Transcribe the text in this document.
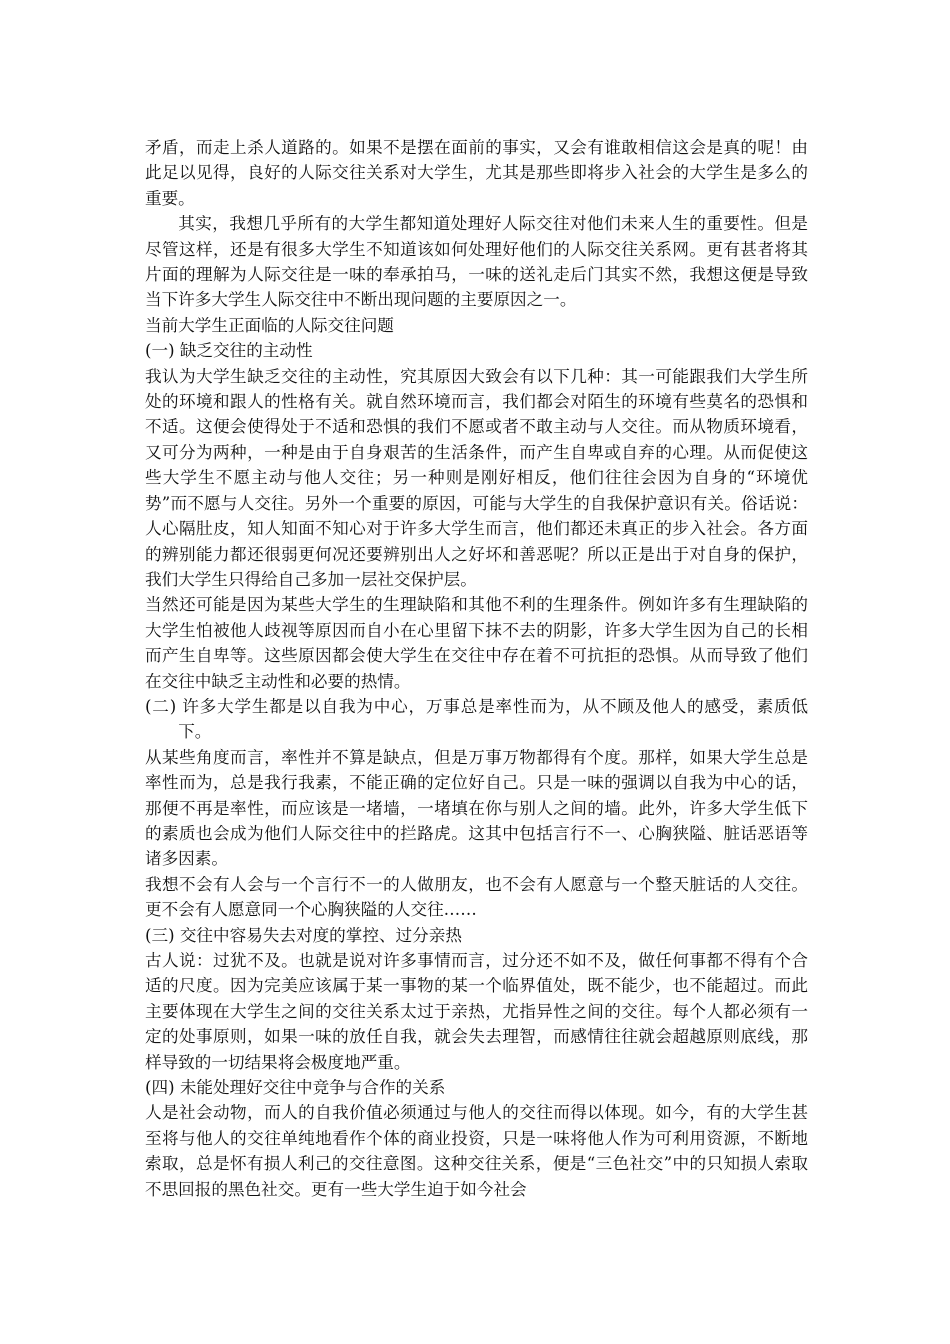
矛盾，而走上杀人道路的。如果不是摆在面前的事实，又会有谁敢相信这会是真的呢！由此足以见得，良好的人际交往关系对大学生，尤其是那些即将步入社会的大学生是多么的重要。

其实，我想几乎所有的大学生都知道处理好人际交往对他们未来人生的重要性。但是尽管这样，还是有很多大学生不知道该如何处理好他们的人际交往关系网。更有甚者将其片面的理解为人际交往是一味的奉承拍马，一味的送礼走后门其实不然，我想这便是导致当下许多大学生人际交往中不断出现问题的主要原因之一。

当前大学生正面临的人际交往问题

(一) 缺乏交往的主动性

我认为大学生缺乏交往的主动性，究其原因大致会有以下几种：其一可能跟我们大学生所处的环境和跟人的性格有关。就自然环境而言，我们都会对陌生的环境有些莫名的恐惧和不适。这便会使得处于不适和恐惧的我们不愿或者不敢主动与人交往。而从物质环境看，又可分为两种，一种是由于自身艰苦的生活条件，而产生自卑或自弃的心理。从而促使这些大学生不愿主动与他人交往；另一种则是刚好相反，他们往往会因为自身的“环境优势”而不愿与人交往。另外一个重要的原因，可能与大学生的自我保护意识有关。俗话说：人心隔肚皮，知人知面不知心对于许多大学生而言，他们都还未真正的步入社会。各方面的辨别能力都还很弱更何况还要辨别出人之好坏和善恶呢？所以正是出于对自身的保护，我们大学生只得给自己多加一层社交保护层。

当然还可能是因为某些大学生的生理缺陷和其他不利的生理条件。例如许多有生理缺陷的大学生怕被他人歧视等原因而自小在心里留下抹不去的阴影，许多大学生因为自己的长相而产生自卑等。这些原因都会使大学生在交往中存在着不可抗拒的恐惧。从而导致了他们在交往中缺乏主动性和必要的热情。

(二) 许多大学生都是以自我为中心，万事总是率性而为，从不顾及他人的感受，素质低下。

从某些角度而言，率性并不算是缺点，但是万事万物都得有个度。那样，如果大学生总是率性而为，总是我行我素，不能正确的定位好自己。只是一味的强调以自我为中心的话，那便不再是率性，而应该是一堵墙，一堵填在你与别人之间的墙。此外，许多大学生低下的素质也会成为他们人际交往中的拦路虎。这其中包括言行不一、心胸狭隘、脏话恶语等诸多因素。

我想不会有人会与一个言行不一的人做朋友，也不会有人愿意与一个整天脏话的人交往。更不会有人愿意同一个心胸狭隘的人交往……

(三) 交往中容易失去对度的掌控、过分亲热

古人说：过犹不及。也就是说对许多事情而言，过分还不如不及，做任何事都不得有个合适的尺度。因为完美应该属于某一事物的某一个临界值处，既不能少，也不能超过。而此主要体现在大学生之间的交往关系太过于亲热，尤指异性之间的交往。每个人都必须有一定的处事原则，如果一味的放任自我，就会失去理智，而感情往往就会超越原则底线，那样导致的一切结果将会极度地严重。

(四) 未能处理好交往中竞争与合作的关系

人是社会动物，而人的自我价值必须通过与他人的交往而得以体现。如今，有的大学生甚至将与他人的交往单纯地看作个体的商业投资，只是一味将他人作为可利用资源，不断地索取，总是怀有损人利己的交往意图。这种交往关系，便是“三色社交”中的只知损人索取不思回报的黑色社交。更有一些大学生迫于如今社会
